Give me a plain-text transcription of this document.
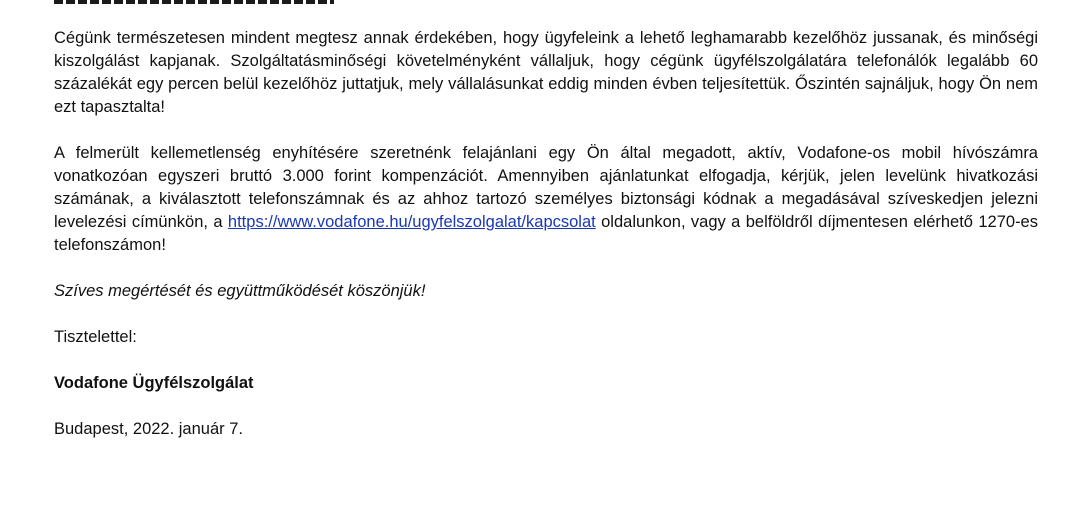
Cégünk természetesen mindent megtesz annak érdekében, hogy ügyfeleink a lehető leghamarabb kezelőhöz jussanak, és minőségi kiszolgálást kapjanak. Szolgáltatásminőségi követelményként vállaljuk, hogy cégünk ügyfélszolgálatára telefonálók legalább 60 százalékát egy percen belül kezelőhöz juttatjuk, mely vállalásunkat eddig minden évben teljesítettük. Őszintén sajnáljuk, hogy Ön nem ezt tapasztalta!

A felmerült kellemetlenség enyhítésére szeretnénk felajánlani egy Ön által megadott, aktív, Vodafone-os mobil hívószámra vonatkozóan egyszeri bruttó 3.000 forint kompenzációt. Amennyiben ajánlatunkat elfogadja, kérjük, jelen levelünk hivatkozási számának, a kiválasztott telefonszámnak és az ahhoz tartozó személyes biztonsági kódnak a megadásával szíveskedjen jelezni levelezési címünkön, a https://www.vodafone.hu/ugyfelszolgalat/kapcsolat oldalunkon, vagy a belföldről díjmentesen elérhető 1270-es telefonszámon!

Szíves megértését és együttműködését köszönjük!

Tisztelettel:

Vodafone Ügyfélszolgálat

Budapest, 2022. január 7.
